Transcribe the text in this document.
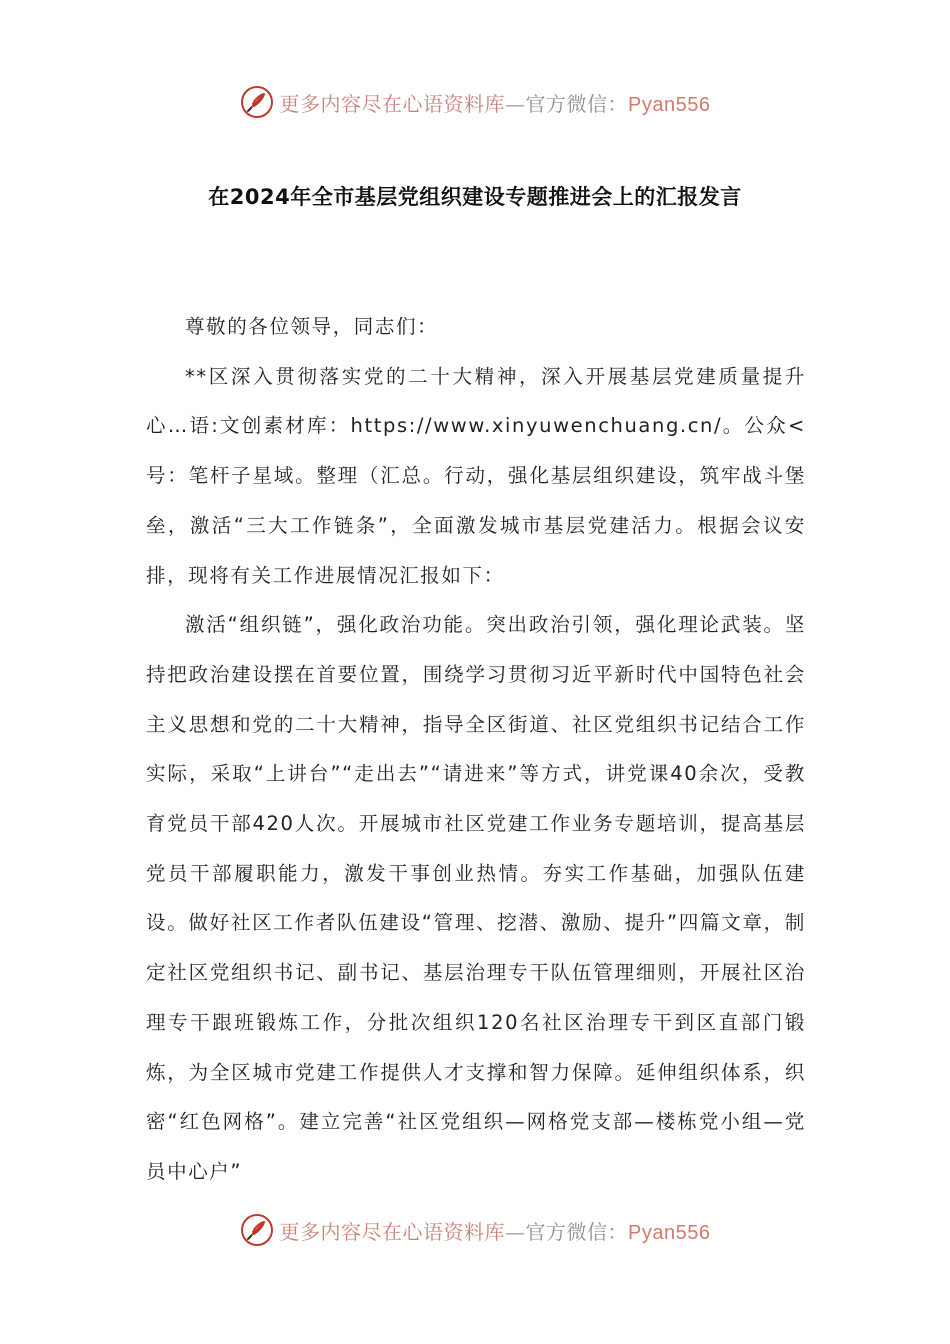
更多内容尽在心语资料库—官方微信：Pyan556
在2024年全市基层党组织建设专题推进会上的汇报发言

尊敬的各位领导，同志们：

**区深入贯彻落实党的二十大精神，深入开展基层党建质量提升心…语:文创素材库：https://www.xinyuwenchuang.cn/。公众<号：笔杆子星域。整理（汇总。行动，强化基层组织建设，筑牢战斗堡垒，激活“三大工作链条”，全面激发城市基层党建活力。根据会议安排，现将有关工作进展情况汇报如下：

激活“组织链”，强化政治功能。突出政治引领，强化理论武装。坚持把政治建设摆在首要位置，围绕学习贯彻习近平新时代中国特色社会主义思想和党的二十大精神，指导全区街道、社区党组织书记结合工作实际，采取“上讲台”“走出去”“请进来”等方式，讲党课40余次，受教育党员干部420人次。开展城市社区党建工作业务专题培训，提高基层党员干部履职能力，激发干事创业热情。夯实工作基础，加强队伍建设。做好社区工作者队伍建设“管理、挖潜、激励、提升”四篇文章，制定社区党组织书记、副书记、基层治理专干队伍管理细则，开展社区治理专干跟班锻炼工作，分批次组织120名社区治理专干到区直部门锻炼，为全区城市党建工作提供人才支撑和智力保障。延伸组织体系，织密“红色网格”。建立完善“社区党组织—网格党支部—楼栋党小组—党员中心户”

更多内容尽在心语资料库—官方微信：Pyan556
